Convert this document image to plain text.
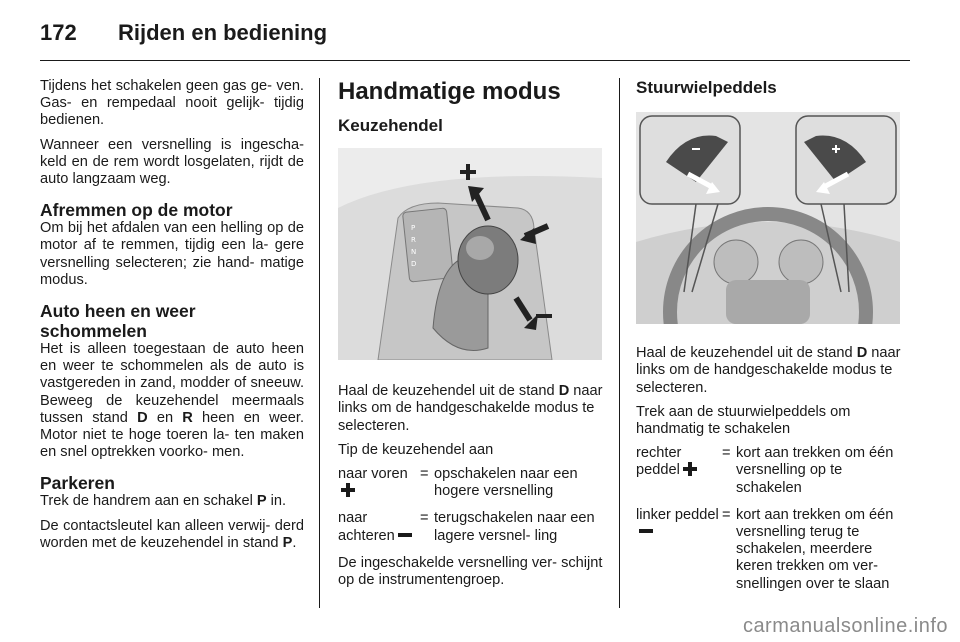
172	Rijden en bediening

Tijdens het schakelen geen gas ge- ven. Gas- en rempedaal nooit gelijk- tijdig bedienen.

Wanneer een versnelling is ingescha- keld en de rem wordt losgelaten, rijdt de auto langzaam weg.

Afremmen op de motor

Om bij het afdalen van een helling op de motor af te remmen, tijdig een la- gere versnelling selecteren; zie hand- matige modus.

Auto heen en weer schommelen

Het is alleen toegestaan de auto heen en weer te schommelen als de auto is vastgereden in zand, modder of sneeuw. Beweeg de keuzehendel meermaals tussen stand D en R heen en weer. Motor niet te hoge toeren la- ten maken en snel optrekken voorko- men.

Parkeren

Trek de handrem aan en schakel P in.

De contactsleutel kan alleen verwij- derd worden met de keuzehendel in stand P.

Handmatige modus
Keuzehendel
P
R
N
D

Haal de keuzehendel uit de stand D naar links om de handgeschakelde modus te selecteren.

Tip de keuzehendel aan

naar voren = opschakelen naar een hogere versnelling
naar achteren
= terugschakelen naar een lagere versnel- ling

De ingeschakelde versnelling ver- schijnt op de instrumentengroep.

Stuurwielpeddels

Haal de keuzehendel uit de stand D naar links om de handgeschakelde modus te selecteren.

Trek aan de stuurwielpeddels om handmatig te schakelen

rechter peddel
= kort aan trekken om één versnelling op te schakelen
linker peddel = kort aan trekken om één versnelling terug te schakelen, meerdere keren trekken om ver- snellingen over te slaan
carmanualsonline.info
